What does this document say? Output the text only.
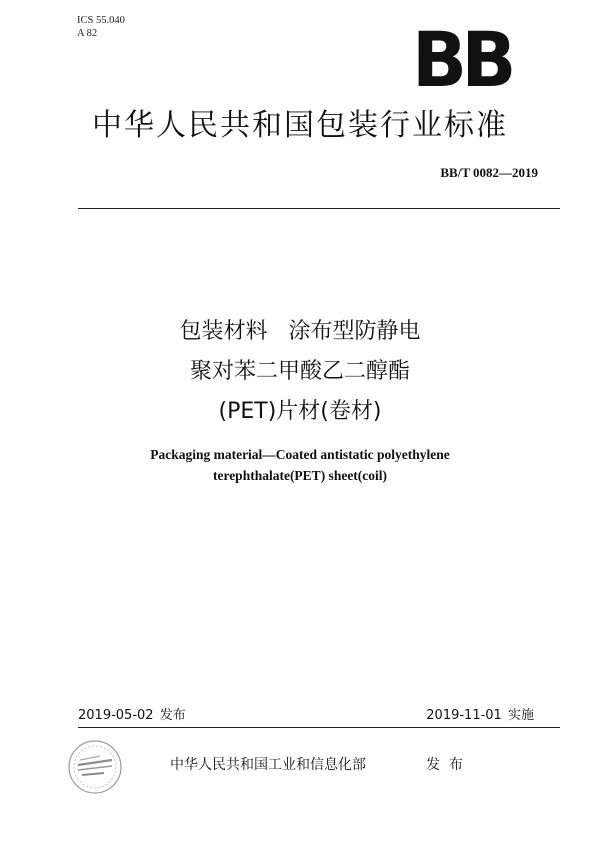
ICS 55.040
A 82	BB
中华人民共和国包装行业标准
BB/T 0082—2019
包装材料   涂布型防静电
聚对苯二甲酸乙二醇酯
(PET)片材(卷材)
Packaging material—Coated antistatic polyethylene
terephthalate(PET) sheet(coil)
2019-05-02 发布	2019-11-01 实施
中华人民共和国工业和信息化部	发  布
